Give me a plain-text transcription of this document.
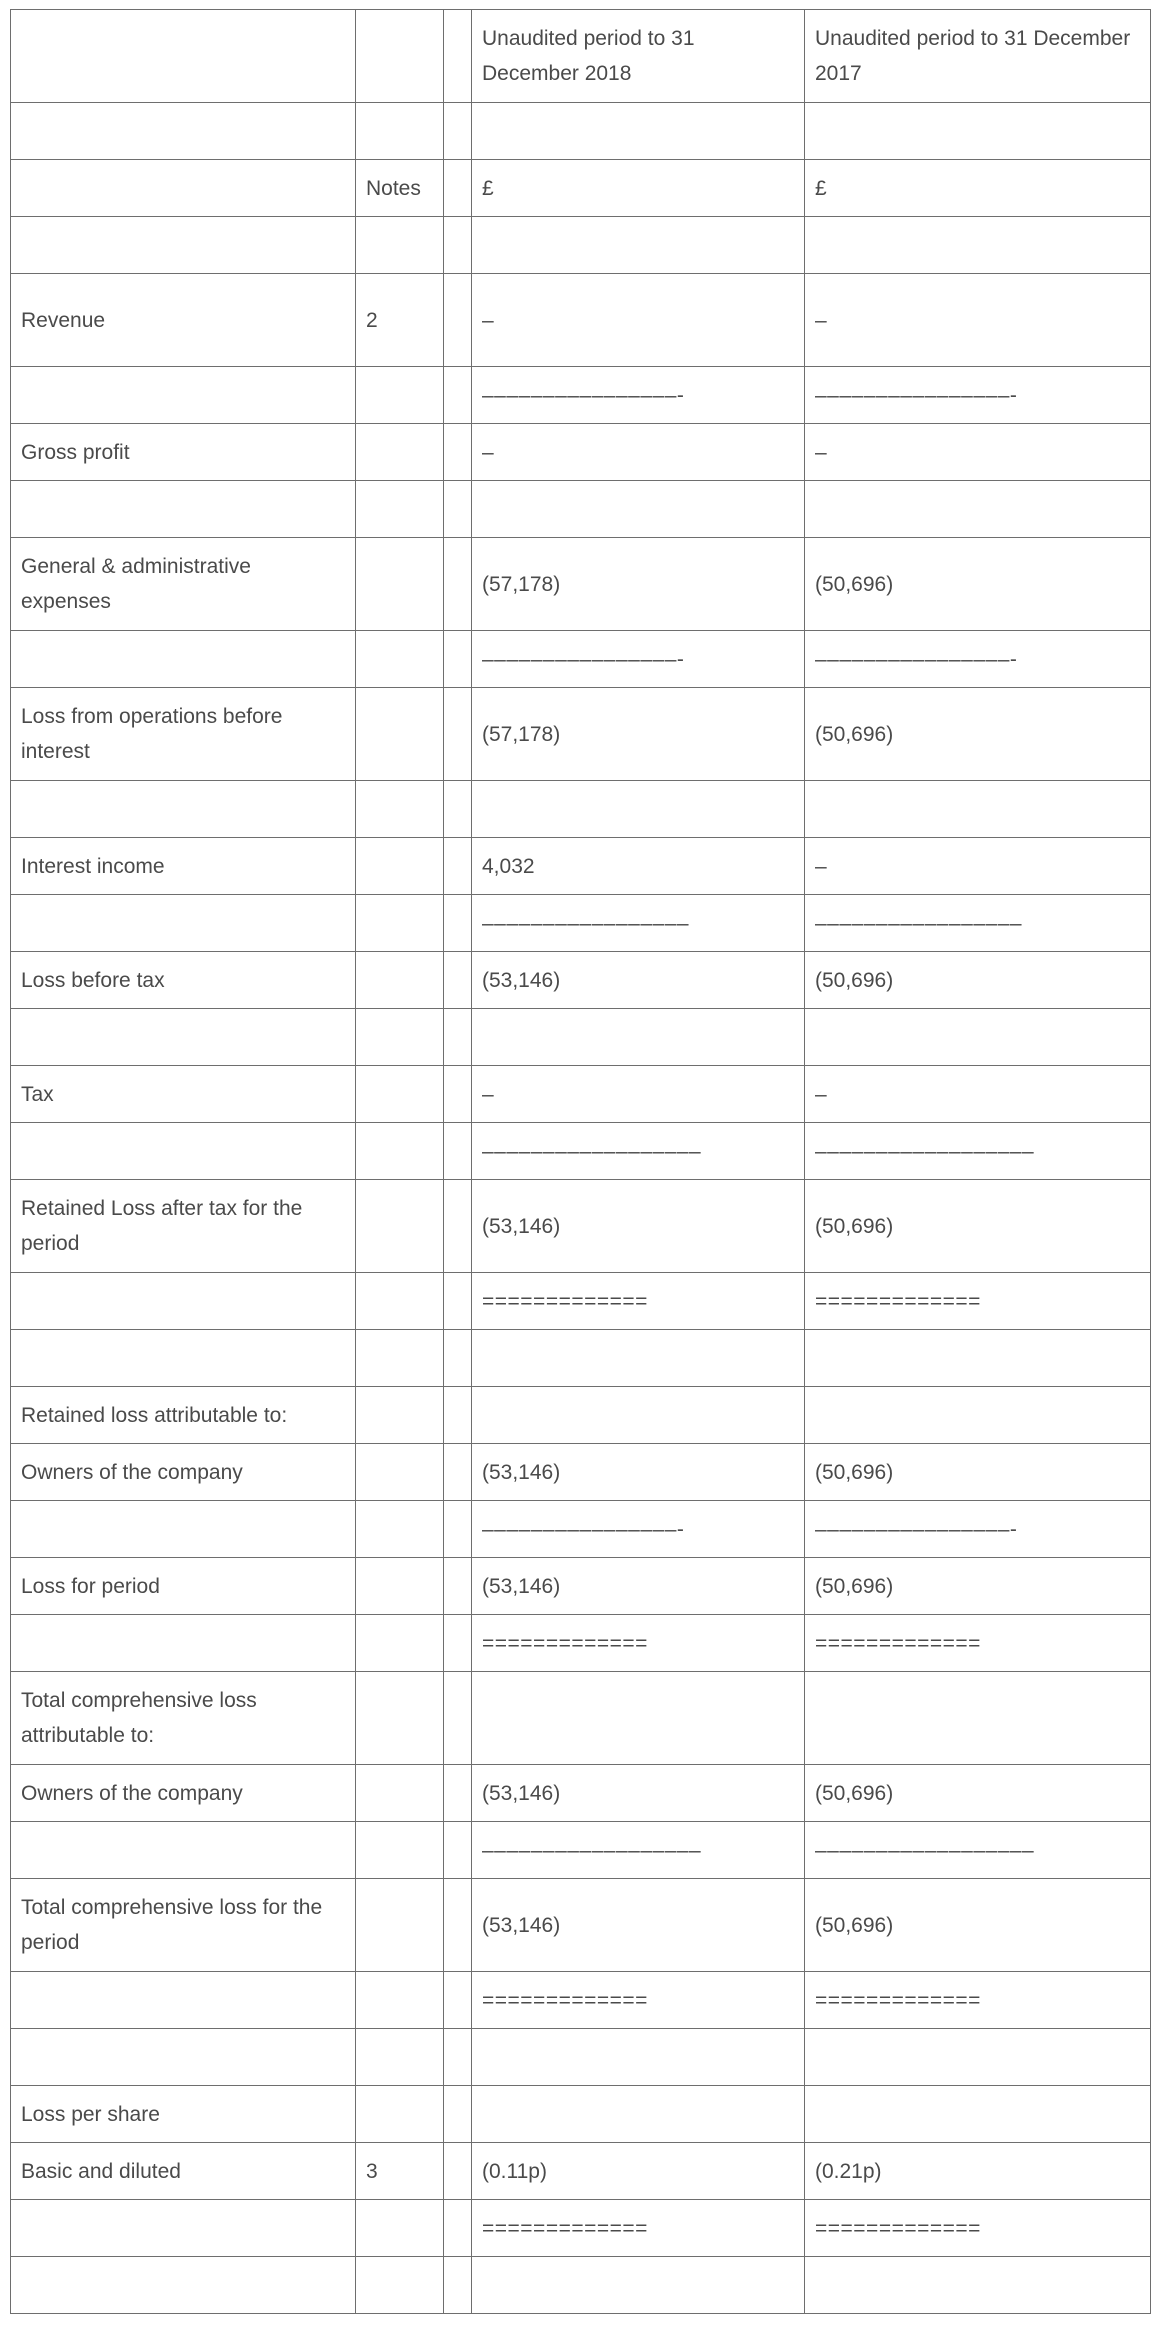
			Unaudited period to 31 December 2018	Unaudited period to 31 December    2017

	Notes		£	£

Revenue	2		–	–
			––––––––––––––––-	––––––––––––––––-
Gross profit			–	–

General & administrative expenses			(57,178)	(50,696)
			––––––––––––––––-	––––––––––––––––-
Loss from operations before interest			(57,178)	(50,696)

Interest income			4,032	–
			–––––––––––––––––	–––––––––––––––––
Loss before tax			(53,146)	(50,696)

Tax			–	–
			––––––––––––––––––	––––––––––––––––––
Retained Loss after tax for the period			(53,146)	(50,696)
			=============	=============

Retained loss attributable to:				
Owners of the company			(53,146)	(50,696)
			––––––––––––––––-	––––––––––––––––-
Loss for period			(53,146)	(50,696)
			=============	=============
Total comprehensive loss attributable to:				
Owners of the company			(53,146)	(50,696)
			––––––––––––––––––	––––––––––––––––––
Total comprehensive loss for the period			(53,146)	(50,696)
			=============	=============

Loss per share				
Basic and diluted	3		(0.11p)	(0.21p)
			=============	=============
